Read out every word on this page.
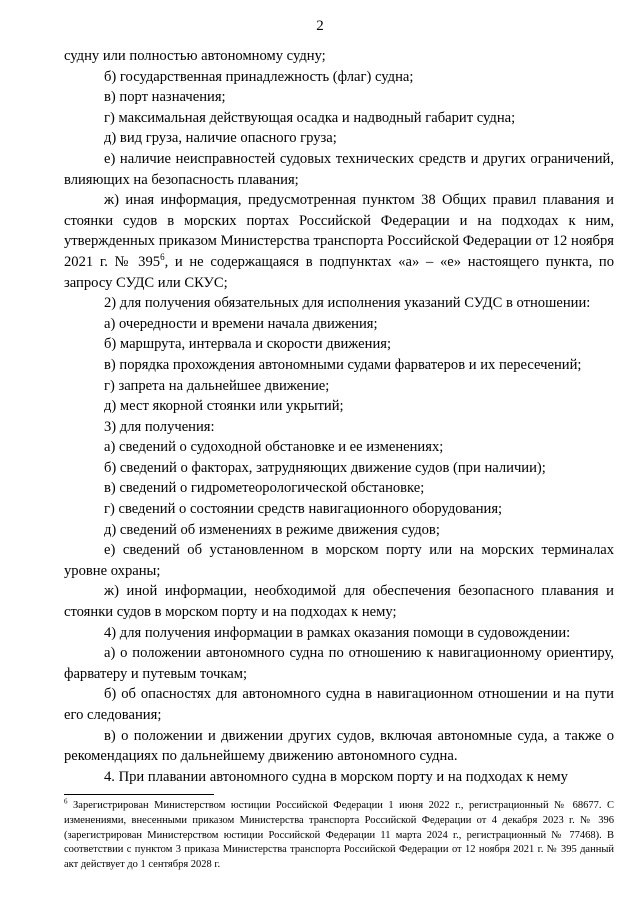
2

судну или полностью автономному судну;

б) государственная принадлежность (флаг) судна;

в) порт назначения;

г) максимальная действующая осадка и надводный габарит судна;

д) вид груза, наличие опасного груза;

е) наличие неисправностей судовых технических средств и других ограничений, влияющих на безопасность плавания;

ж) иная информация, предусмотренная пунктом 38 Общих правил плавания и стоянки судов в морских портах Российской Федерации и на подходах к ним, утвержденных приказом Министерства транспорта Российской Федерации от 12 ноября 2021 г. № $395^6$, и не содержащаяся в подпунктах «а» – «е» настоящего пункта, по запросу СУДС или СКУС;

2) для получения обязательных для исполнения указаний СУДС в отношении:

а) очередности и времени начала движения;

б) маршрута, интервала и скорости движения;

в) порядка прохождения автономными судами фарватеров и их пересечений;

г) запрета на дальнейшее движение;

д) мест якорной стоянки или укрытий;

3) для получения:

а) сведений о судоходной обстановке и ее изменениях;

б) сведений о факторах, затрудняющих движение судов (при наличии);

в) сведений о гидрометеорологической обстановке;

г) сведений о состоянии средств навигационного оборудования;

д) сведений об изменениях в режиме движения судов;

е) сведений об установленном в морском порту или на морских терминалах уровне охраны;

ж) иной информации, необходимой для обеспечения безопасного плавания и стоянки судов в морском порту и на подходах к нему;

4) для получения информации в рамках оказания помощи в судовождении:

а) о положении автономного судна по отношению к навигационному ориентиру, фарватеру и путевым точкам;

б) об опасностях для автономного судна в навигационном отношении и на пути его следования;

в) о положении и движении других судов, включая автономные суда, а также о рекомендациях по дальнейшему движению автономного судна.

4. При плавании автономного судна в морском порту и на подходах к нему

$^6$ Зарегистрирован Министерством юстиции Российской Федерации 1 июня 2022 г., регистрационный № 68677. С изменениями, внесенными приказом Министерства транспорта Российской Федерации от 4 декабря 2023 г. № 396 (зарегистрирован Министерством юстиции Российской Федерации 11 марта 2024 г., регистрационный № 77468). В соответствии с пунктом 3 приказа Министерства транспорта Российской Федерации от 12 ноября 2021 г. № 395 данный акт действует до 1 сентября 2028 г.
